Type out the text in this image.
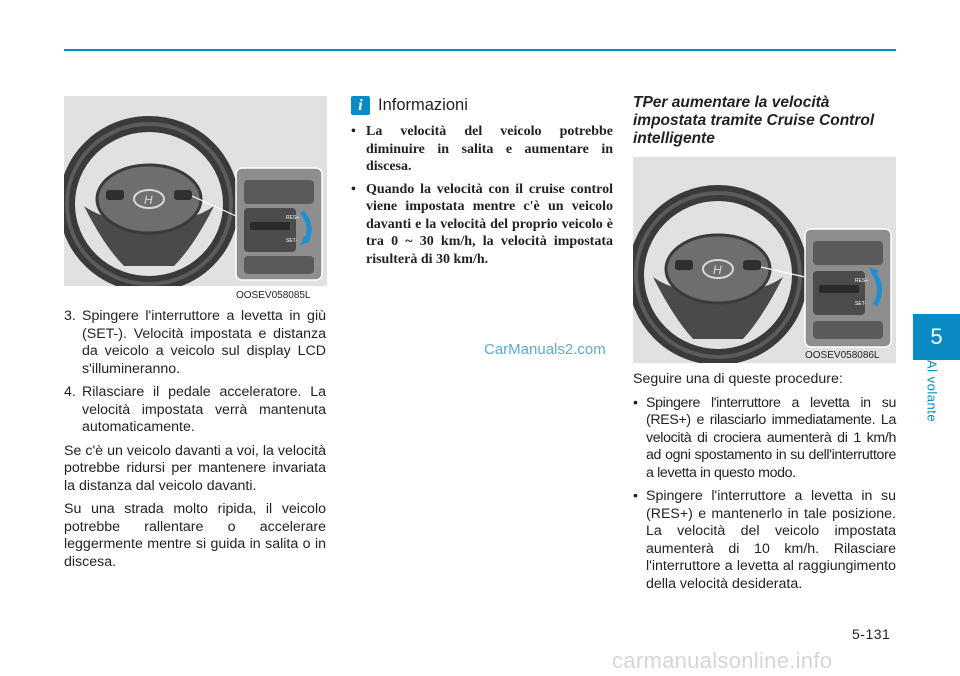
H
RES+
SET-
OOSEV058085L
3. Spingere l'interruttore a levetta in giù (SET-). Velocità impostata e distanza da veicolo a veicolo sul display LCD s'illumineranno.
4. Rilasciare il pedale acceleratore. La velocità impostata verrà mantenuta automaticamente.

Se c'è un veicolo davanti a voi, la velocità potrebbe ridursi per mantenere invariata la distanza dal veicolo davanti.

Su una strada molto ripida, il veicolo potrebbe rallentare o accelerare leggermente mentre si guida in salita o in discesa.

i Informazioni
• La velocità del veicolo potrebbe diminuire in salita e aumentare in discesa.
• Quando la velocità con il cruise control viene impostata mentre c'è un veicolo davanti e la velocità del proprio veicolo è tra 0 ~ 30 km/h, la velocità impostata risulterà di 30 km/h.
CarManuals2.com
TPer aumentare la velocità impostata tramite Cruise Control intelligente
H
RES+
SET-
OOSEV058086L
Seguire una di queste procedure:
• Spingere l'interruttore a levetta in su (RES+) e rilasciarlo immediatamente. La velocità di crociera aumenterà di 1 km/h ad ogni spostamento in su dell'interruttore a levetta in questo modo.
• Spingere l'interruttore a levetta in su (RES+) e mantenerlo in tale posizione. La velocità del veicolo impostata aumenterà di 10 km/h. Rilasciare l'interruttore a levetta al raggiungimento della velocità desiderata.
5-131
5
Al volante
carmanualsonline.info
